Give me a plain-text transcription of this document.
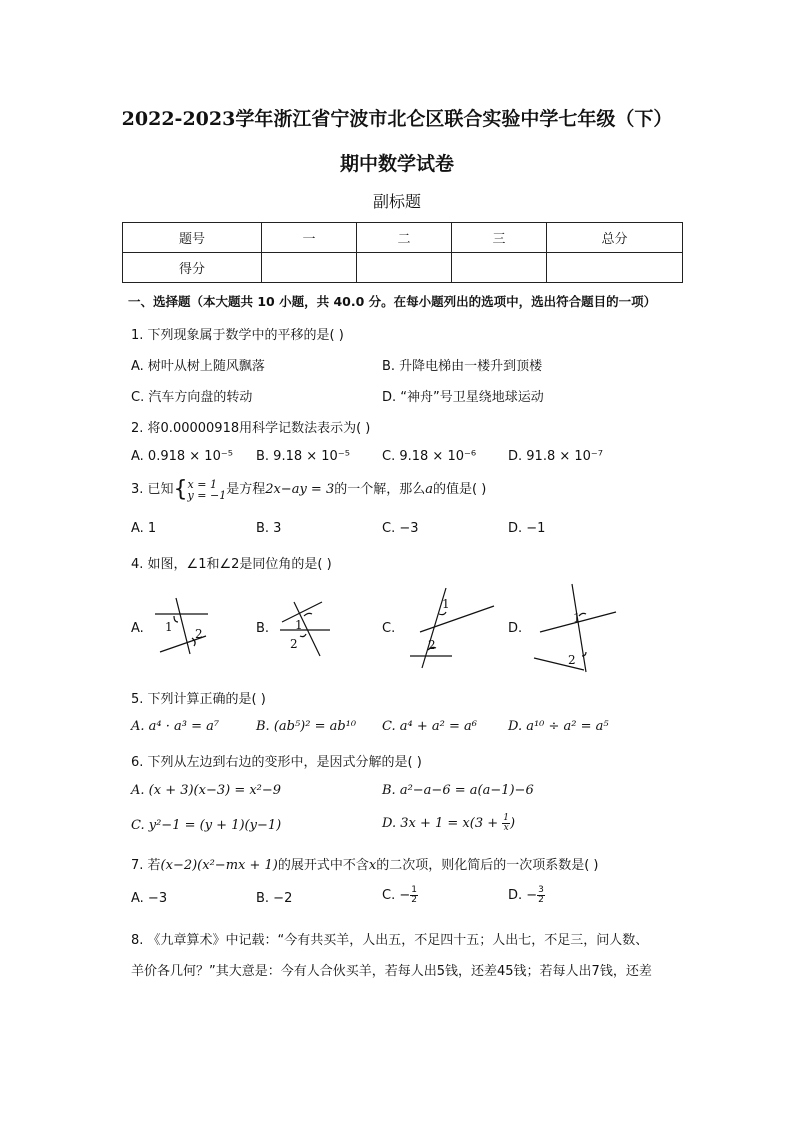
2022-2023学年浙江省宁波市北仑区联合实验中学七年级（下）
期中数学试卷
副标题
题号	一	二	三	总分
得分				
一、选择题（本大题共 10 小题，共 40.0 分。在每小题列出的选项中，选出符合题目的一项）
1. 下列现象属于数学中的平移的是( )
A. 树叶从树上随风飘落	B. 升降电梯由一楼升到顶楼
C. 汽车方向盘的转动	D. “神舟”号卫星绕地球运动
2. 将0.00000918用科学记数法表示为( )
A. 0.918 × 10⁻⁵ B. 9.18 × 10⁻⁵ C. 9.18 × 10⁻⁶ D. 91.8 × 10⁻⁷
3. 已知{ x = 1
y = −1 是方程2x−ay = 3的一个解，那么a的值是( )
A. 1	B. 3	C. −3	D. −1
4. 如图，∠1和∠2是同位角的是( )
A.	B.	C.	D.
1 2
1
2
1
2
1
2
5. 下列计算正确的是( )
A. a⁴ · a³ = a⁷	B. (ab⁵)² = ab¹⁰ C. a⁴ + a² = a⁶ D. a¹⁰ ÷ a² = a⁵
6. 下列从左边到右边的变形中，是因式分解的是( )
A. (x + 3)(x−3) = x²−9	B. a²−a−6 = a(a−1)−6
C. y²−1 = (y + 1)(y−1)	D. $3x + 1 = x(3 + \frac{1}{x}$ )
7. 若(x−2)(x²−mx + 1)的展开式中不含x的二次项，则化简后的一次项系数是( )
A. −3	B. −2	C. − $\frac{1}{2}$	D. − $\frac{3}{2}$
8. 《九章算术》中记载：“今有共买羊，人出五，不足四十五；人出七，不足三，问人数、
羊价各几何？”其大意是：今有人合伙买羊，若每人出5钱，还差45钱；若每人出7钱，还差
